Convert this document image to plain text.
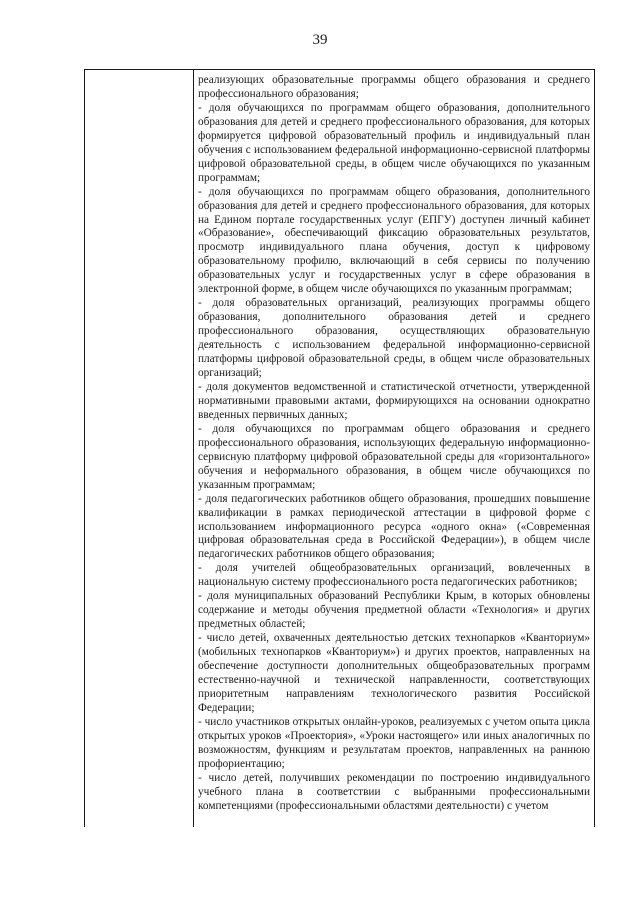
39

реализующих образовательные программы общего образования и среднего профессионального образования;

- доля обучающихся по программам общего образования, дополнительного образования для детей и среднего профессионального образования, для которых формируется цифровой образовательный профиль и индивидуальный план обучения с использованием федеральной информационно-сервисной платформы цифровой образовательной среды, в общем числе обучающихся по указанным программам;

- доля обучающихся по программам общего образования, дополнительного образования для детей и среднего профессионального образования, для которых на Едином портале государственных услуг (ЕПГУ) доступен личный кабинет «Образование», обеспечивающий фиксацию образовательных результатов, просмотр индивидуального плана обучения, доступ к цифровому образовательному профилю, включающий в себя сервисы по получению образовательных услуг и государственных услуг в сфере образования в электронной форме, в общем числе обучающихся по указанным программам;

- доля образовательных организаций, реализующих программы общего образования, дополнительного образования детей и среднего профессионального образования, осуществляющих образовательную деятельность с использованием федеральной информационно-сервисной платформы цифровой образовательной среды, в общем числе образовательных организаций;

- доля документов ведомственной и статистической отчетности, утвержденной нормативными правовыми актами, формирующихся на основании однократно введенных первичных данных;

- доля обучающихся по программам общего образования и среднего профессионального образования, использующих федеральную информационно-сервисную платформу цифровой образовательной среды для «горизонтального» обучения и неформального образования, в общем числе обучающихся по указанным программам;

- доля педагогических работников общего образования, прошедших повышение квалификации в рамках периодической аттестации в цифровой форме с использованием информационного ресурса «одного окна» («Современная цифровая образовательная среда в Российской Федерации»), в общем числе педагогических работников общего образования;

- доля учителей общеобразовательных организаций, вовлеченных в национальную систему профессионального роста педагогических работников;

- доля муниципальных образований Республики Крым, в которых обновлены содержание и методы обучения предметной области «Технология» и других предметных областей;

- число детей, охваченных деятельностью детских технопарков «Кванториум» (мобильных технопарков «Кванториум») и других проектов, направленных на обеспечение доступности дополнительных общеобразовательных программ естественно-научной и технической направленности, соответствующих приоритетным направлениям технологического развития Российской Федерации;

- число участников открытых онлайн-уроков, реализуемых с учетом опыта цикла открытых уроков «Проектория», «Уроки настоящего» или иных аналогичных по возможностям, функциям и результатам проектов, направленных на раннюю профориентацию;

- число детей, получивших рекомендации по построению индивидуального учебного плана в соответствии с выбранными профессиональными компетенциями (профессиональными областями деятельности) с учетом
